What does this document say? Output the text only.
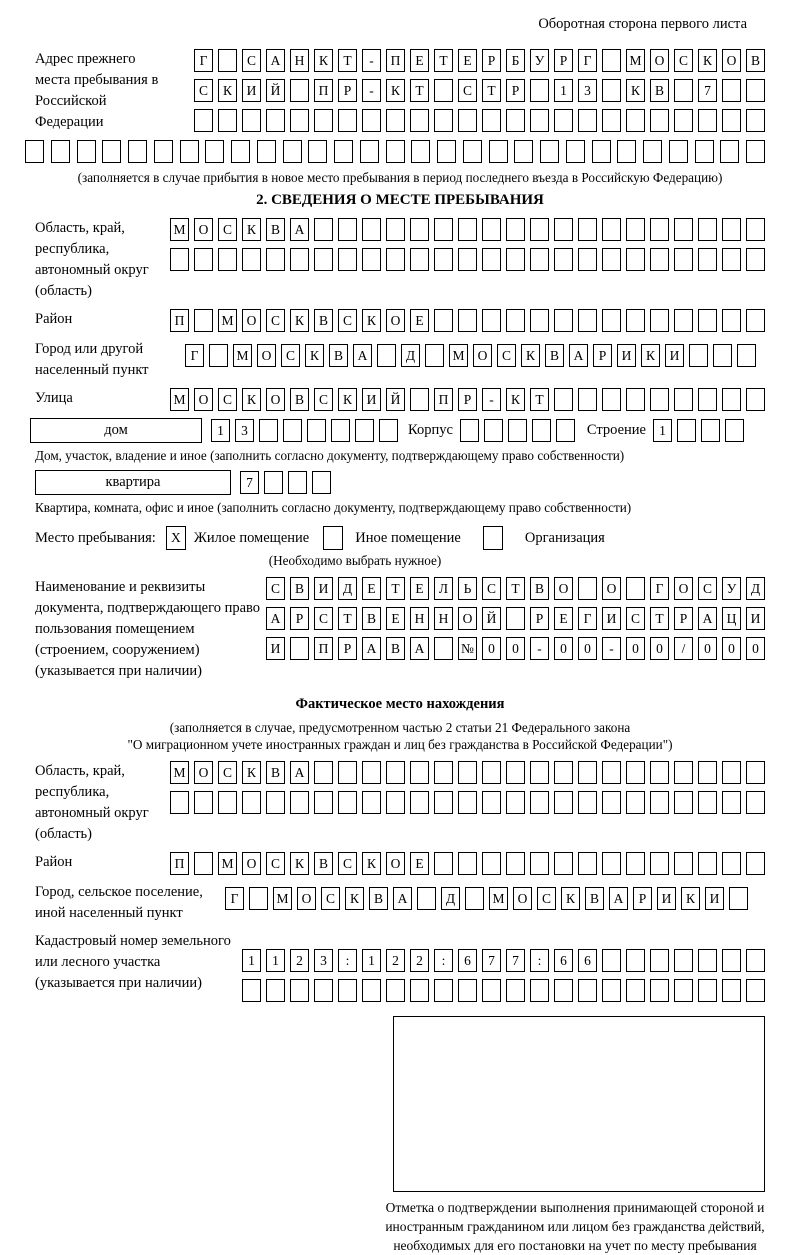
Оборотная сторона первого листа
Адрес прежнего места пребывания в Российской Федерации
Г	С	А	Н	К	Т	-	П	Е	Т	Е	Р	Б	У	Р	Г	М О	С	К	О	В
С	К	И	Й	П	Р	-	К	Т	С	Т	Р	1	3	К	В	7
(заполняется в случае прибытия в новое место пребывания в период последнего въезда в Российскую Федерацию)
2. СВЕДЕНИЯ О МЕСТЕ ПРЕБЫВАНИЯ
Область, край, республика, автономный округ (область)
М О	С	К	В	А
Район	П	М О	С	К	В	С	К	О	Е
Город или другой населенный пункт
Г	М О	С	К	В	А	Д	М О	С	К	В	А	Р	И	К	И
Улица	М О	С	К	О	В	С	К	И	Й	П	Р	-	К	Т
дом	1	3	Корпус	Строение 1
Дом, участок, владение и иное (заполнить согласно документу, подтверждающему право собственности)
квартира	7
Квартира, комната, офис и иное (заполнить согласно документу, подтверждающему право собственности)
Место пребывания:	X Жилое помещение	Иное помещение	Организация
(Необходимо выбрать нужное)
Наименование и реквизиты документа, подтверждающего право пользования помещением (строением, сооружением) (указывается при наличии)
С	В	И	Д	Е	Т	Е	Л	Ь	С	Т	В	О	О	Г	О	С	У	Д
А	Р	С	Т	В	Е	Н	Н	О	Й	Р	Е	Г	И	С	Т	Р	А	Ц	И
И	П	Р	А	В	А	№	0	0	-	0	0	-	0	0	/	0	0	0
Фактическое место нахождения
(заполняется в случае, предусмотренном частью 2 статьи 21 Федерального закона
"О миграционном учете иностранных граждан и лиц без гражданства в Российской Федерации")
Область, край, республика, автономный округ (область)
М О	С	К	В	А
Район	П	М О	С	К	В	С	К	О	Е
Город, сельское поселение, иной населенный пункт
Г	М О	С	К	В	А	Д	М О	С	К	В	А	Р	И	К	И
Кадастровый номер земельного или лесного участка (указывается при наличии)
1	1	2	3	:	1	2	2	:	6	7	7	:	6	6
Отметка о подтверждении выполнения принимающей стороной и иностранным гражданином или лицом без гражданства действий, необходимых для его постановки на учет по месту пребывания
